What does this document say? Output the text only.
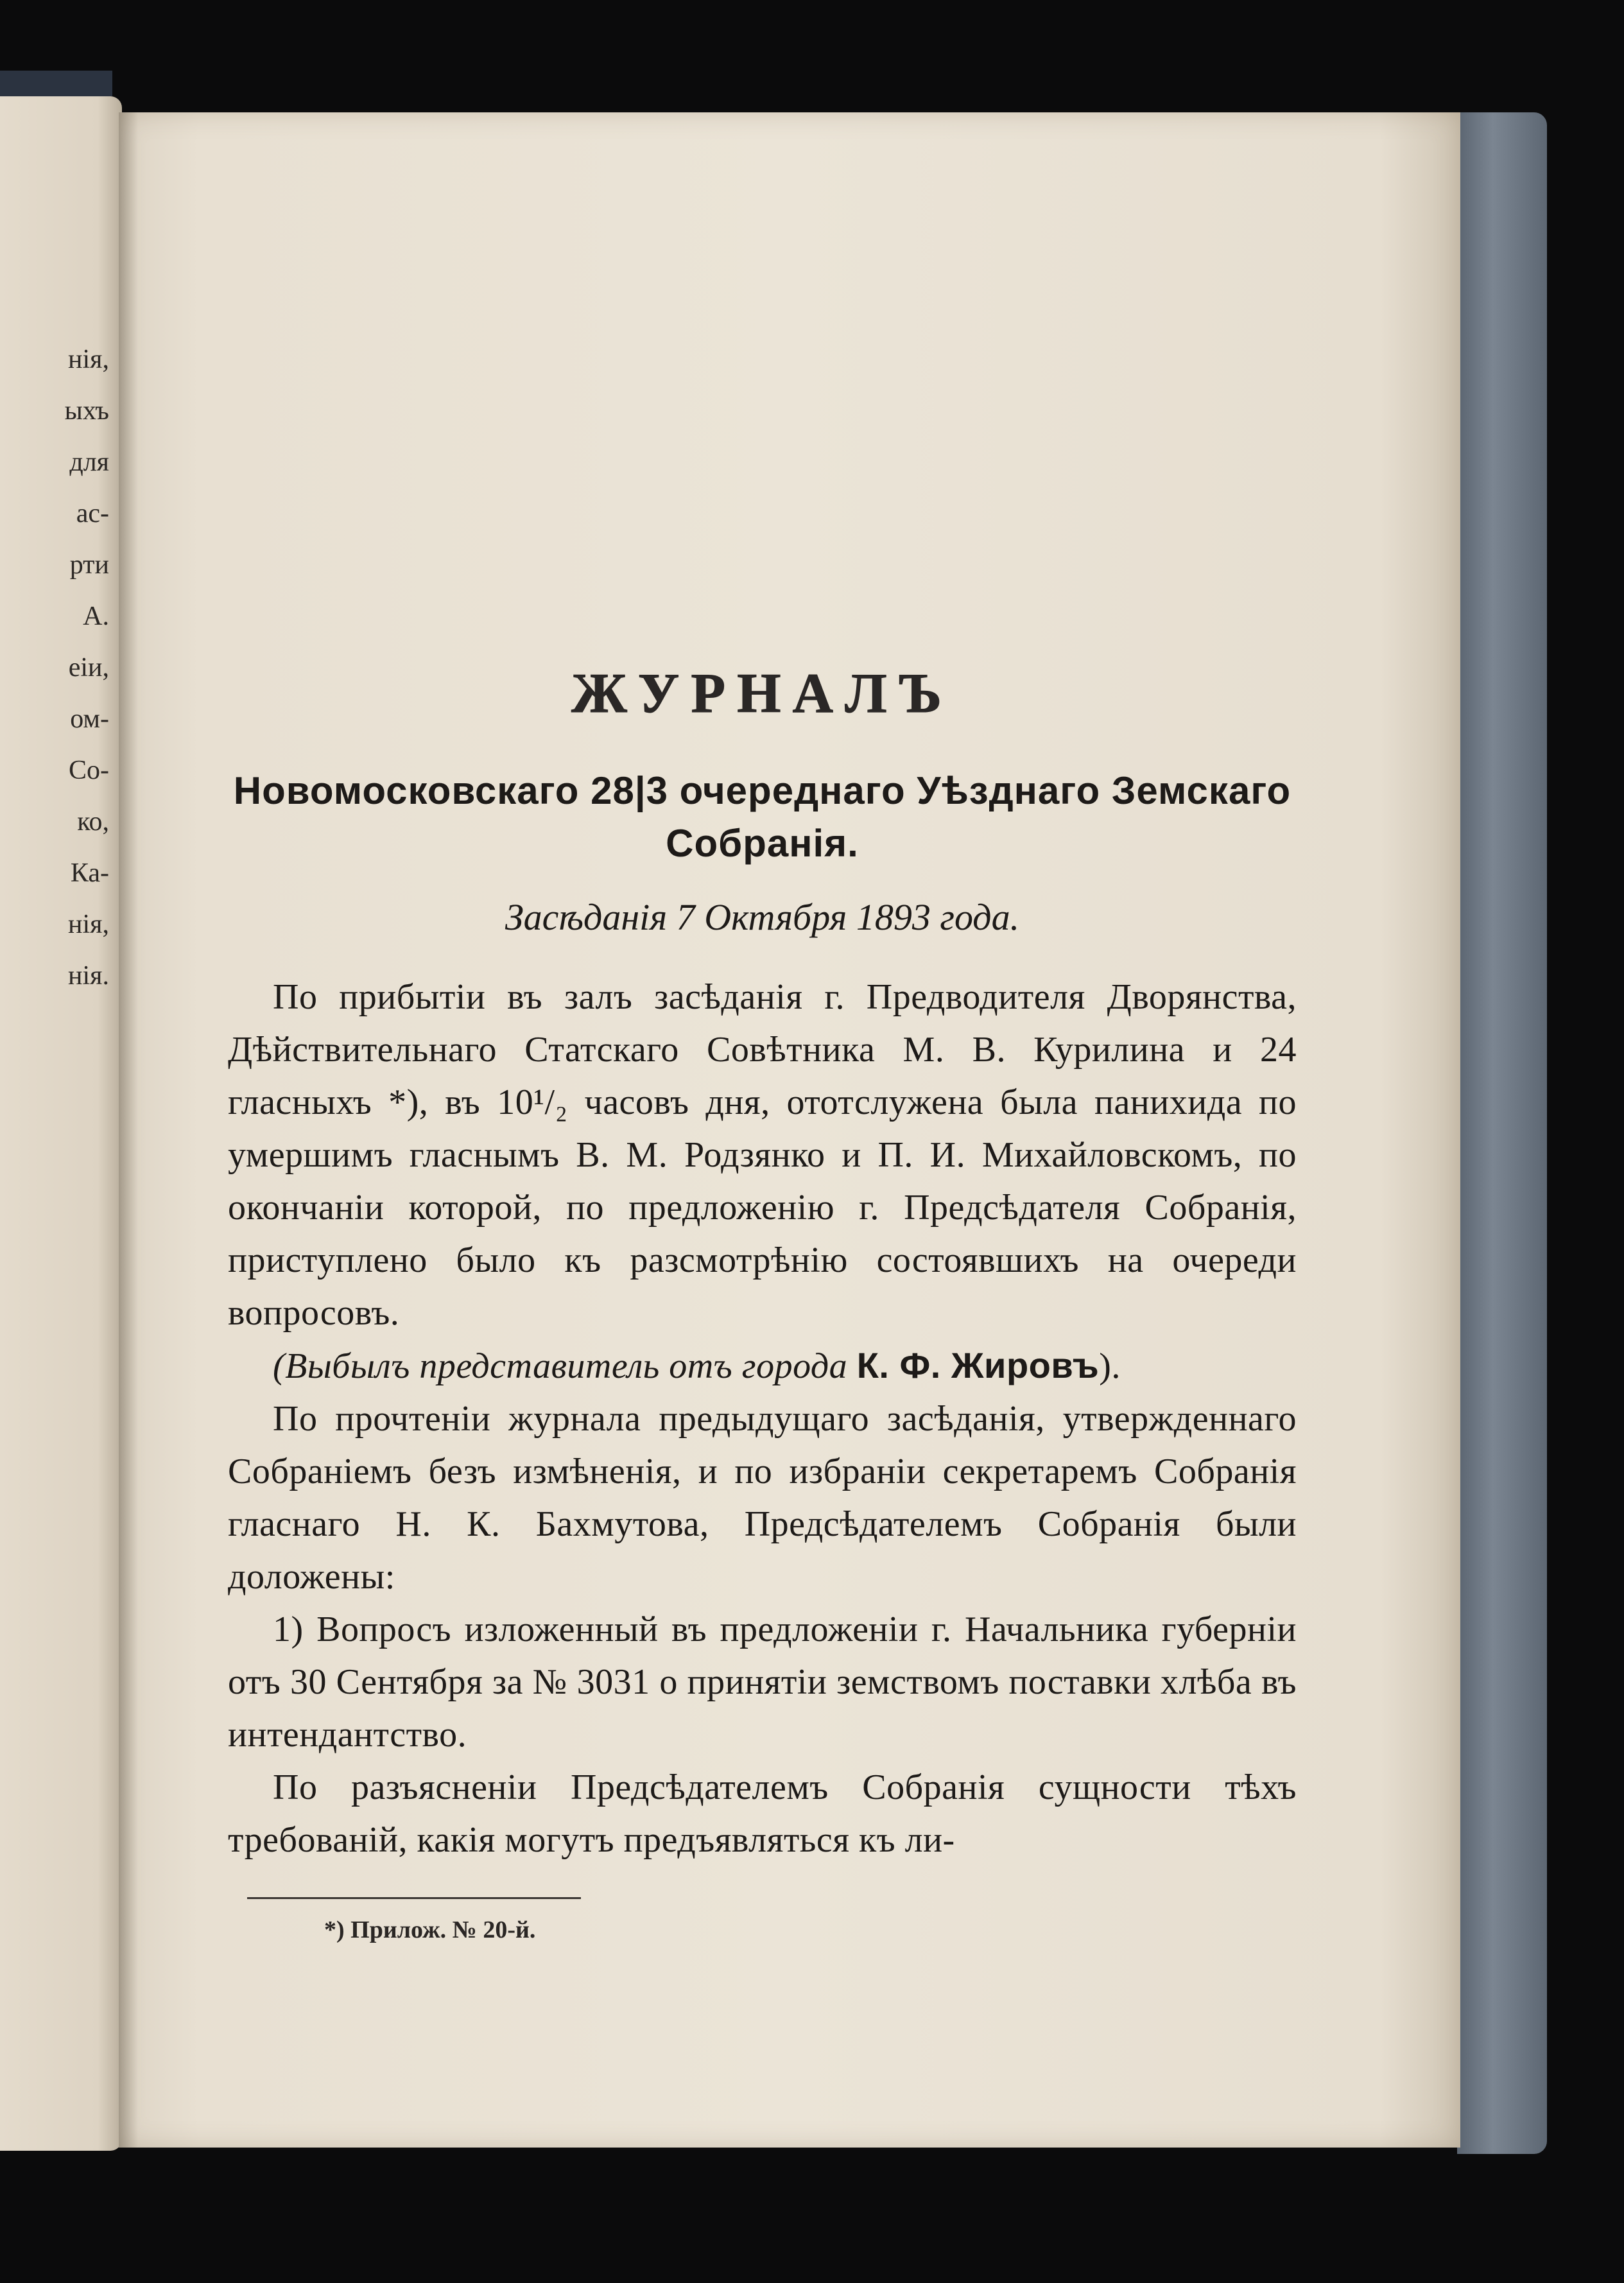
нія,
ыхъ
для
ас-
рти
А.
еіи,
ом-
Со-
ко,
Ка-
нія,
нія.
ЖУРНАЛЪ

Новомосковскаго 28|3 очереднаго Уѣзднаго Земскаго Собранія.

Засѣданія 7 Октября 1893 года.

По прибытіи въ залъ засѣданія г. Предводителя Дворянства, Дѣйствительнаго Статскаго Совѣтника М. В. Курилина и 24 гласныхъ *), въ 10¹/₂ часовъ дня, ототслужена была панихида по умершимъ гласнымъ В. М. Родзянко и П. И. Михайловскомъ, по окончаніи которой, по предложенію г. Предсѣдателя Собранія, приступлено было къ разсмотрѣнію состоявшихъ на очереди вопросовъ.

(Выбылъ представитель отъ города К. Ф. Жировъ).

По прочтеніи журнала предыдущаго засѣданія, утвержденнаго Собраніемъ безъ измѣненія, и по избраніи секретаремъ Собранія гласнаго Н. К. Бахмутова, Предсѣдателемъ Собранія были доложены:

1) Вопросъ изложенный въ предложеніи г. Начальника губерніи отъ 30 Сентября за № 3031 о принятіи земствомъ поставки хлѣба въ интендантство.

По разъясненіи Предсѣдателемъ Собранія сущности тѣхъ требованій, какія могутъ предъявляться къ ли-

*) Прилож. № 20-й.
